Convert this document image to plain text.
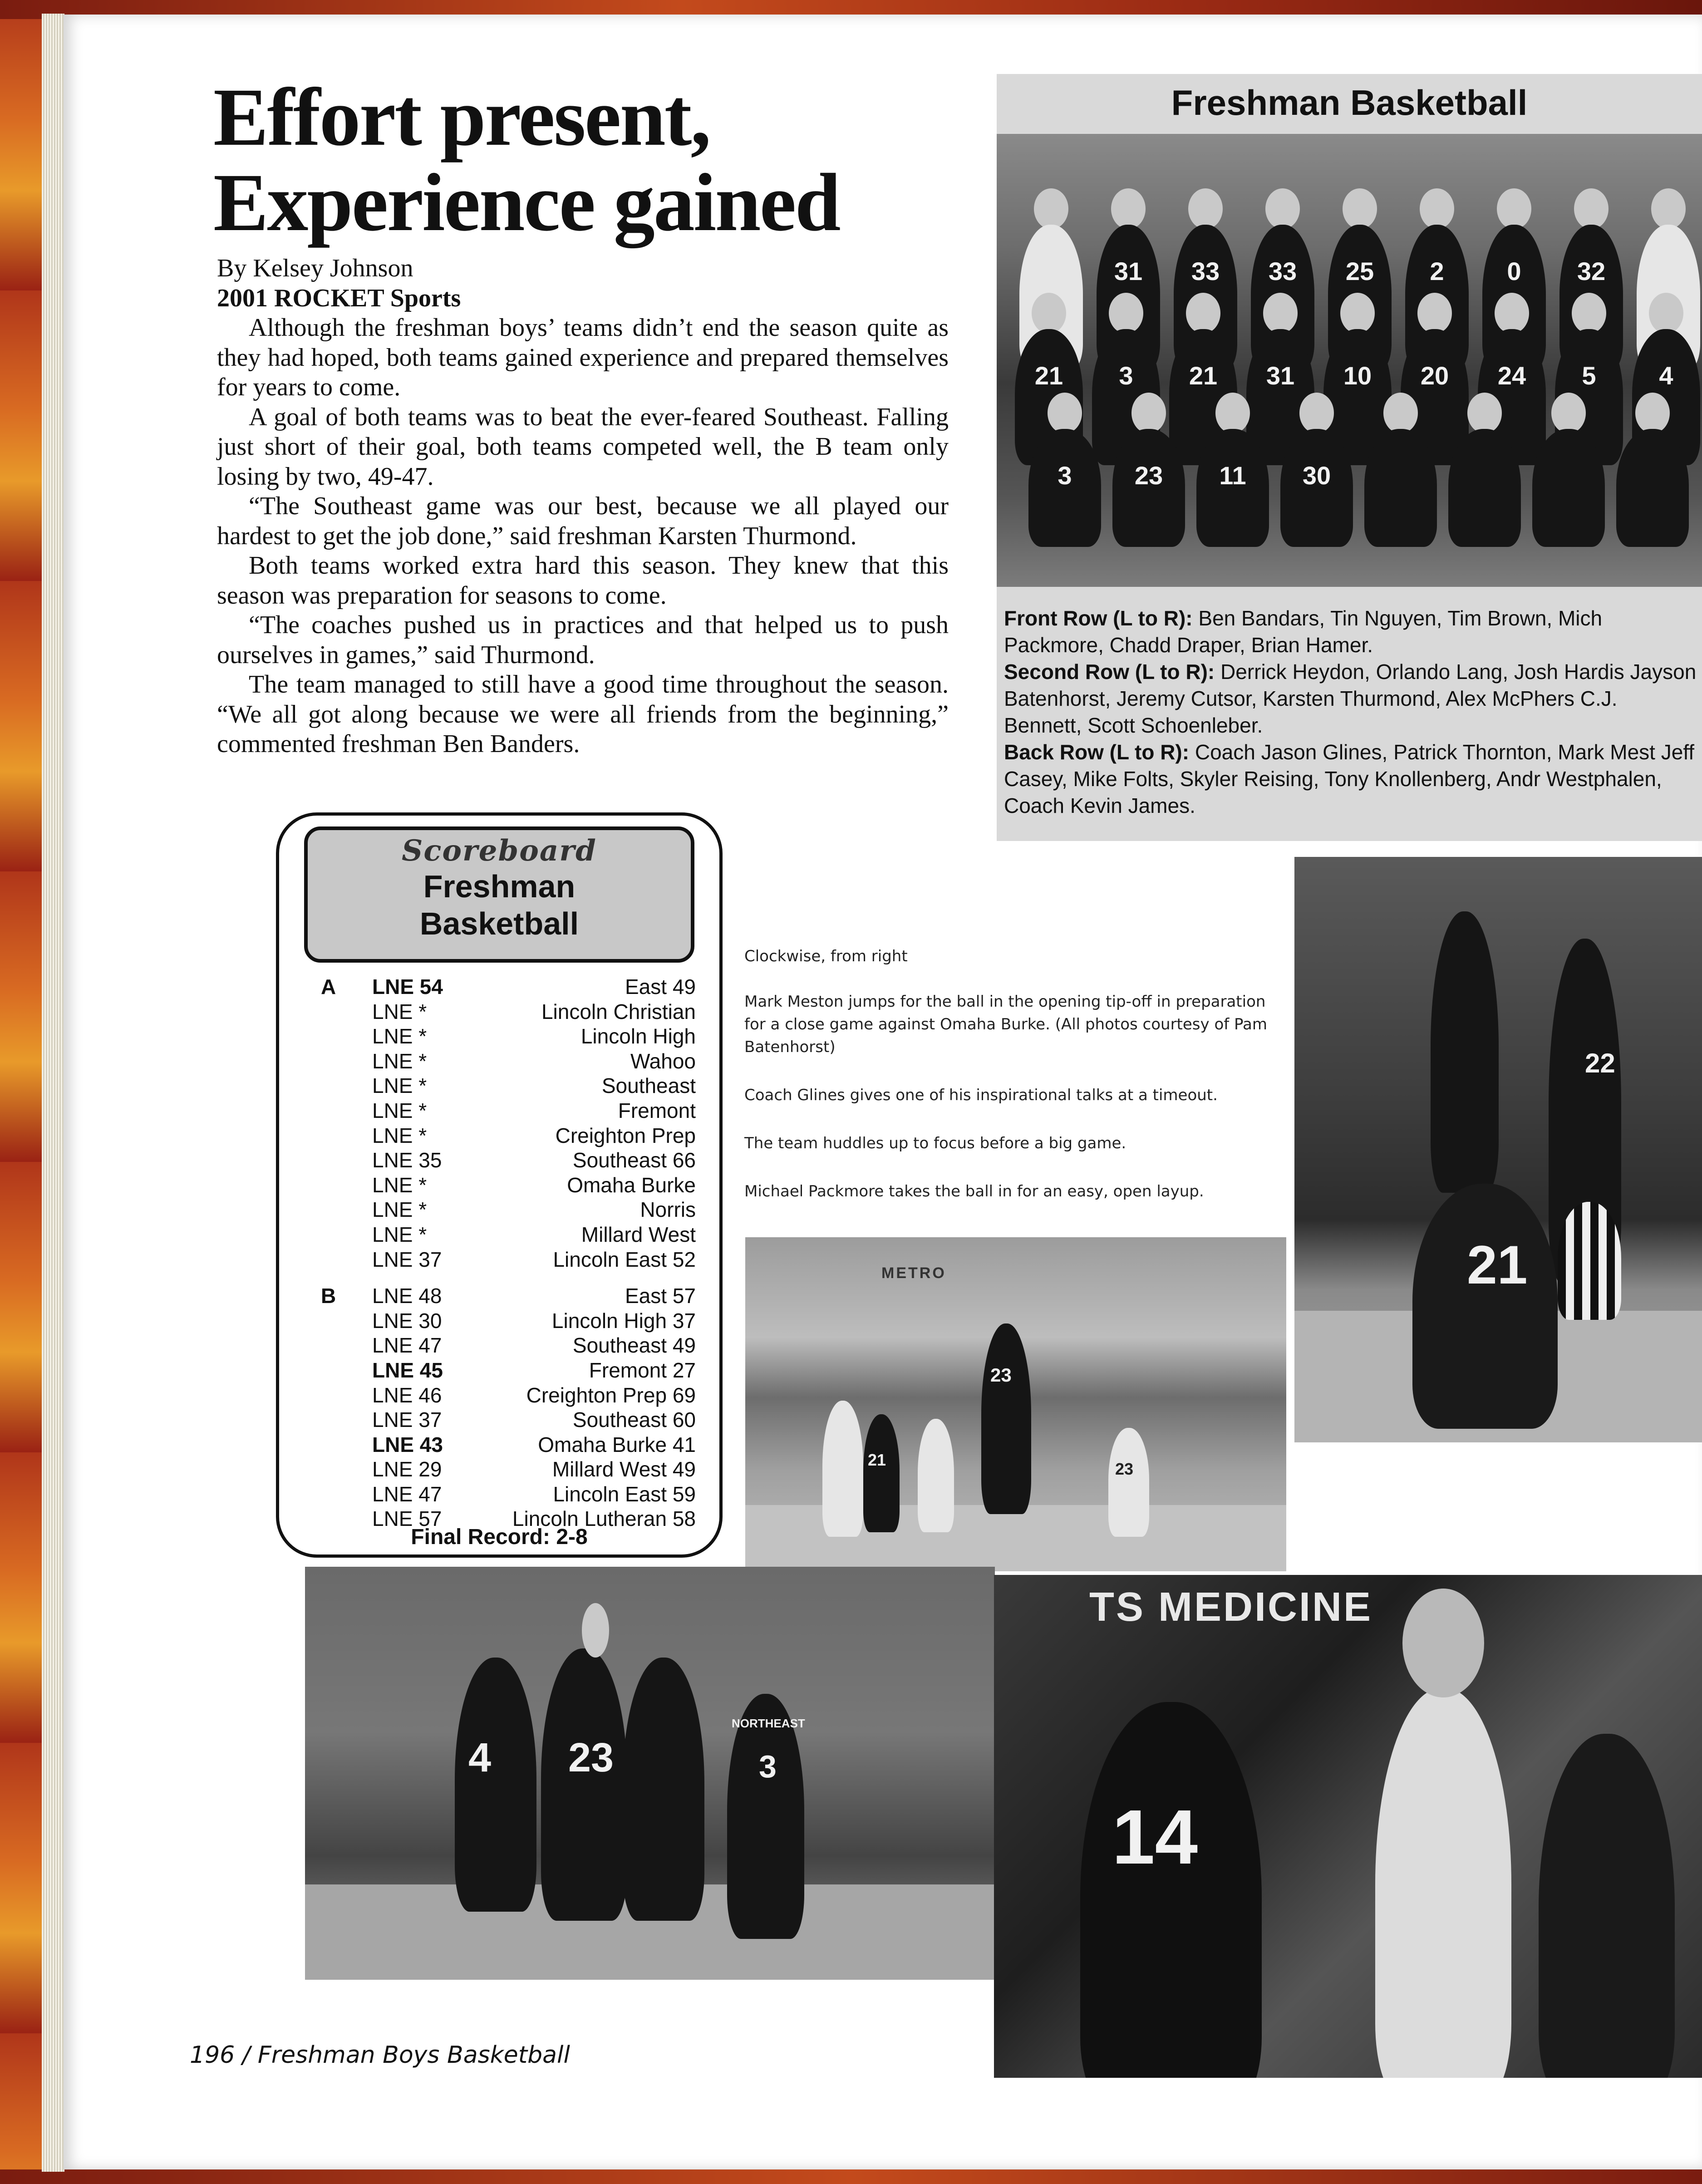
Effort present,
Experience gained
By Kelsey Johnson
2001 ROCKET Sports

Although the freshman boys’ teams didn’t end the season quite as they had hoped, both teams gained experience and prepared themselves for years to come.

A goal of both teams was to beat the ever-feared Southeast. Falling just short of their goal, both teams competed well, the B team only losing by two, 49-47.

“The Southeast game was our best, because we all played our hardest to get the job done,” said freshman Karsten Thurmond.

Both teams worked extra hard this season. They knew that this season was preparation for seasons to come.

“The coaches pushed us in practices and that helped us to push ourselves in games,” said Thurmond.

The team managed to still have a good time throughout the season. “We all got along because we were all friends from the beginning,” commented freshman Ben Banders.

Freshman Basketball
31	33	33	25	2	0	32
21	3	21	31	10	20	24	5	4
3	23	11	30
Front Row (L to R): Ben Bandars, Tin Nguyen, Tim Brown, Mich Packmore, Chadd Draper, Brian Hamer.
Second Row (L to R): Derrick Heydon, Orlando Lang, Josh Hardis Jayson Batenhorst, Jeremy Cutsor, Karsten Thurmond, Alex McPhers C.J. Bennett, Scott Schoenleber.
Back Row (L to R): Coach Jason Glines, Patrick Thornton, Mark Mest Jeff Casey, Mike Folts, Skyler Reising, Tony Knollenberg, Andr Westphalen, Coach Kevin James.
Scoreboard
Freshman
Basketball
A LNE 54	East 49
LNE *	Lincoln Christian
LNE *	Lincoln High
LNE *	Wahoo
LNE *	Southeast
LNE *	Fremont
LNE *	Creighton Prep
LNE 35	Southeast 66
LNE *	Omaha Burke
LNE *	Norris
LNE *	Millard West
LNE 37	Lincoln East 52
B LNE 48	East 57
LNE 30	Lincoln High 37
LNE 47	Southeast 49
LNE 45	Fremont 27
LNE 46	Creighton Prep 69
LNE 37	Southeast 60
LNE 43	Omaha Burke 41
LNE 29	Millard West 49
LNE 47	Lincoln East 59
LNE 57	Lincoln Lutheran 58
Final Record: 2-8

Clockwise, from right

Mark Meston jumps for the ball in the opening tip-off in preparation for a close game against Omaha Burke. (All photos courtesy of Pam Batenhorst)

Coach Glines gives one of his inspirational talks at a timeout.

The team huddles up to focus before a big game.

Michael Packmore takes the ball in for an easy, open layup.

21
22
METRO
23
21	23
4 23	3
NORTHEAST
TS MEDICINE
14
196 / Freshman Boys Basketball
